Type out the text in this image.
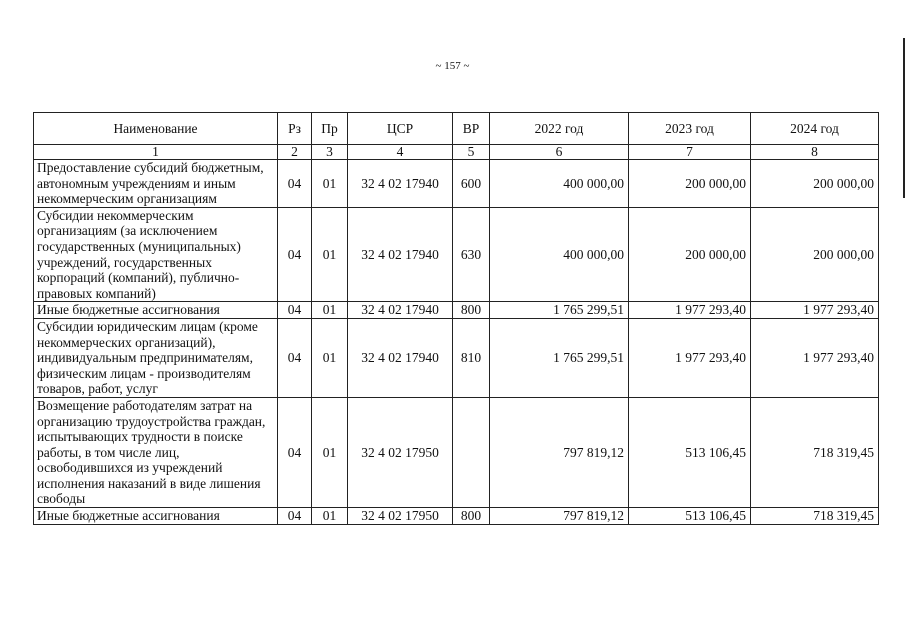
~ 157 ~
Наименование	Рз	Пр	ЦСР	ВР	2022 год	2023 год	2024 год
1	2	3	4	5	6	7	8
Предоставление субсидий бюджетным, автономным учреждениям и иным некоммерческим организациям	04	01	32 4 02 17940	600	400 000,00	200 000,00	200 000,00
Субсидии некоммерческим организациям (за исключением государственных (муниципальных) учреждений, государственных корпораций (компаний), публично-правовых компаний)	04	01	32 4 02 17940	630	400 000,00	200 000,00	200 000,00
Иные бюджетные ассигнования	04	01	32 4 02 17940	800	1 765 299,51	1 977 293,40	1 977 293,40
Субсидии юридическим лицам (кроме некоммерческих организаций), индивидуальным предпринимателям, физическим лицам - производителям товаров, работ, услуг	04	01	32 4 02 17940	810	1 765 299,51	1 977 293,40	1 977 293,40
Возмещение работодателям затрат на организацию трудоустройства граждан, испытывающих трудности в поиске работы, в том числе лиц, освободившихся из учреждений исполнения наказаний в виде лишения свободы	04	01	32 4 02 17950		797 819,12	513 106,45	718 319,45
Иные бюджетные ассигнования	04	01	32 4 02 17950	800	797 819,12	513 106,45	718 319,45
